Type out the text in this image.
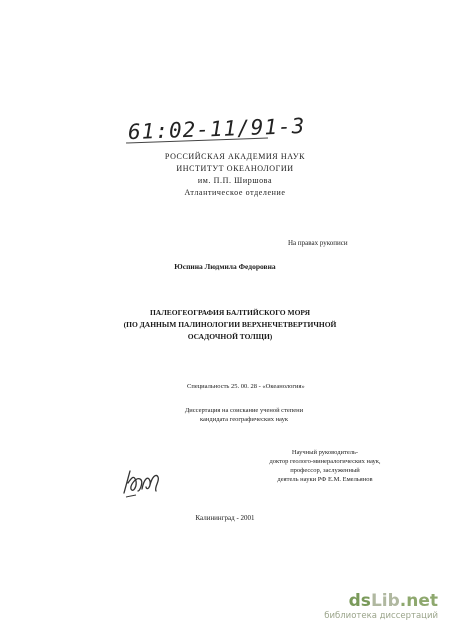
61:02-11/91-3
РОССИЙСКАЯ АКАДЕМИЯ НАУК
ИНСТИТУТ ОКЕАНОЛОГИИ
им. П.П. Ширшова
Атлантическое отделение
На правах рукописи
Юспина Людмила Федоровна
ПАЛЕОГЕОГРАФИЯ БАЛТИЙСКОГО МОРЯ
(ПО ДАННЫМ ПАЛИНОЛОГИИ ВЕРХНЕЧЕТВЕРТИЧНОЙ
ОСАДОЧНОЙ ТОЛЩИ)
Специальность 25. 00. 28 - «Океанология»
Диссертация на соискание ученой степени
кандидата географических наук
Научный руководитель-
доктор геолого-минералогических наук,
профессор, заслуженный
деятель науки РФ Е.М. Емельянов
Калининград - 2001
dsLib.net
библиотека диссертаций
